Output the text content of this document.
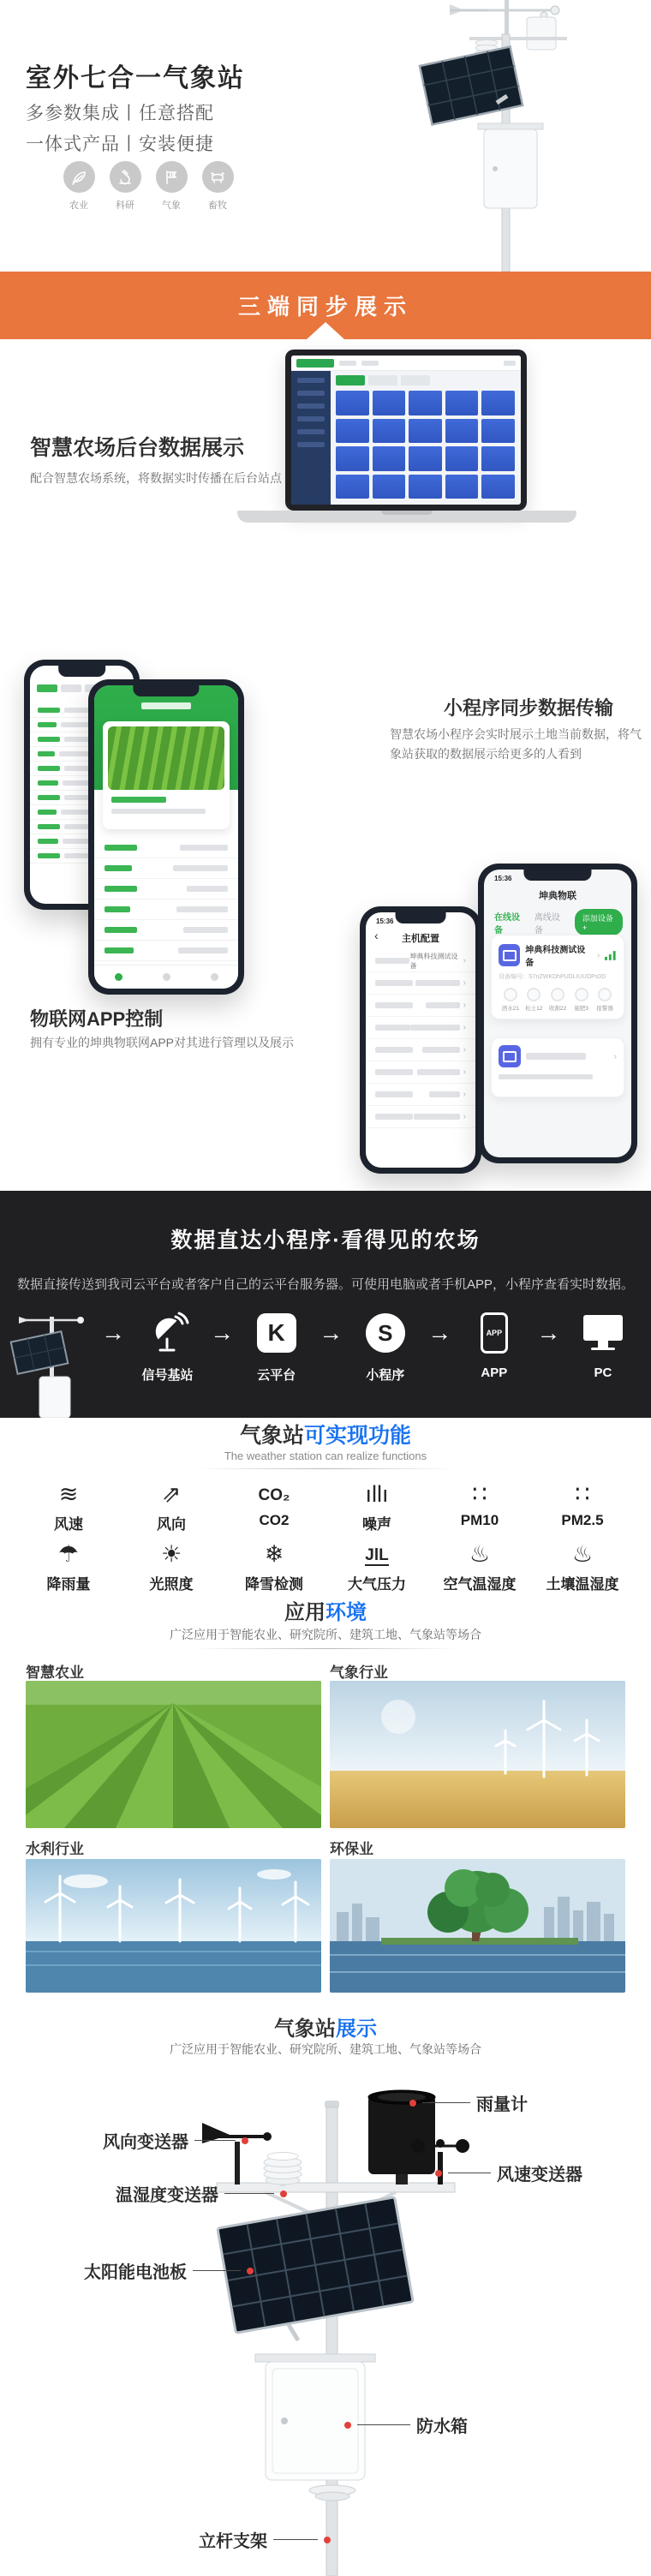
室外七合一气象站
多参数集成丨任意搭配
一体式产品丨安装便捷
农业	科研	气象	畜牧
三端同步展示
智慧农场后台数据展示
配合智慧农场系统，将数据实时传播在后台站点
小程序同步数据传输
智慧农场小程序会实时展示土地当前数据，将气象站获取的数据展示给更多的人看到
物联网APP控制
拥有专业的坤典物联网APP对其进行管理以及展示
15:36
‹	主机配置
坤典科技测试设备	›
›
›
›
›
›
›
›
15:36
坤典物联
在线设备
离线设备
添加设备 +
坤典科技测试设备
›
设备编号：S7nZWKDhPUDLIUUOPs0D
洒水21 松土12 收割22 施肥3 报警器
›
数据直达小程序·看得见的农场
数据直接传送到我司云平台或者客户自己的云平台服务器。可使用电脑或者手机APP，小程序查看实时数据。
→
信号基站
→	K
云平台
→	S
小程序
→	APP
APP
→
PC
气象站可实现功能
The weather station can realize functions
≋
风速
⇗
风向
CO₂
CO2
ıllı
噪声
∷
PM10
∷
PM2.5
☂
降雨量
☀
光照度
❄
降雪检测
JlL
大气压力
♨
空气温湿度
♨
土壤温湿度
应用环境
广泛应用于智能农业、研究院所、建筑工地、气象站等场合
智慧农业	气象行业
水利行业	环保业
气象站展示
广泛应用于智能农业、研究院所、建筑工地、气象站等场合
雨量计
风向变送器
风速变送器
温湿度变送器
太阳能电池板
防水箱
立杆支架
